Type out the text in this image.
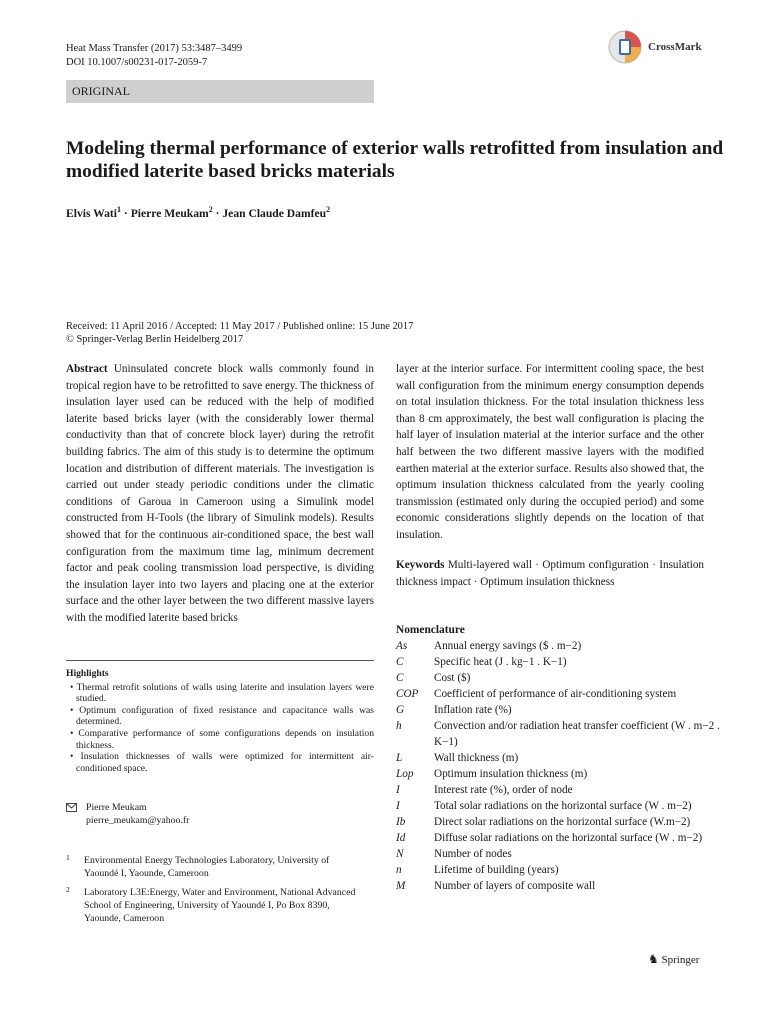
Heat Mass Transfer (2017) 53:3487–3499
DOI 10.1007/s00231-017-2059-7
ORIGINAL
CrossMark
Modeling thermal performance of exterior walls retrofitted from insulation and modified laterite based bricks materials
Elvis Wati$^1$ · Pierre Meukam$^2$ · Jean Claude Damfeu$^2$
Received: 11 April 2016 / Accepted: 11 May 2017 / Published online: 15 June 2017
© Springer-Verlag Berlin Heidelberg 2017
Abstract Uninsulated concrete block walls commonly found in tropical region have to be retrofitted to save energy. The thickness of insulation layer used can be reduced with the help of modified laterite based bricks layer (with the considerably lower thermal conductivity than that of concrete block layer) during the retrofit building fabrics. The aim of this study is to determine the optimum location and distribution of different materials. The investigation is carried out under steady periodic conditions under the climatic conditions of Garoua in Cameroon using a Simulink model constructed from H-Tools (the library of Simulink models). Results showed that for the continuous air-conditioned space, the best wall configuration from the maximum time lag, minimum decrement factor and peak cooling transmission load perspective, is dividing the insulation layer into two layers and placing one at the exterior surface and the other layer between the two different massive layers with the modified laterite based bricks
layer at the interior surface. For intermittent cooling space, the best wall configuration from the minimum energy consumption depends on total insulation thickness. For the total insulation thickness less than 8 cm approximately, the best wall configuration is placing the half layer of insulation material at the interior surface and the other half between the two different massive layers with the modified earthen material at the exterior surface. Results also showed that, the optimum insulation thickness calculated from the yearly cooling transmission (estimated only during the occupied period) and some economic considerations slightly depends on the location of that insulation.
Keywords Multi-layered wall · Optimum configuration · Insulation thickness impact · Optimum insulation thickness
Highlights
• Thermal retrofit solutions of walls using laterite and insulation layers were studied.
• Optimum configuration of fixed resistance and capacitance walls was determined.
• Comparative performance of some configurations depends on insulation thickness.
• Insulation thicknesses of walls were optimized for intermittent air-conditioned space.
Pierre Meukam
pierre_meukam@yahoo.fr
1 Environmental Energy Technologies Laboratory, University of Yaoundé I, Yaounde, Cameroon
2 Laboratory L3E:Energy, Water and Environment, National Advanced School of Engineering, University of Yaoundé I, Po Box 8390, Yaounde, Cameroon
Nomenclature
As	Annual energy savings ($ . m−2)
C	Specific heat (J . kg−1 . K−1)
C	Cost ($)
COP	Coefficient of performance of air-conditioning system
G	Inflation rate (%)
h	Convection and/or radiation heat transfer coefficient (W . m−2 . K−1)
L	Wall thickness (m)
Lop	Optimum insulation thickness (m)
I	Interest rate (%), order of node
I	Total solar radiations on the horizontal surface (W . m−2)
Ib	Direct solar radiations on the horizontal surface (W.m−2)
Id	Diffuse solar radiations on the horizontal surface (W . m−2)
N	Number of nodes
n	Lifetime of building (years)
M	Number of layers of composite wall
♞ Springer
